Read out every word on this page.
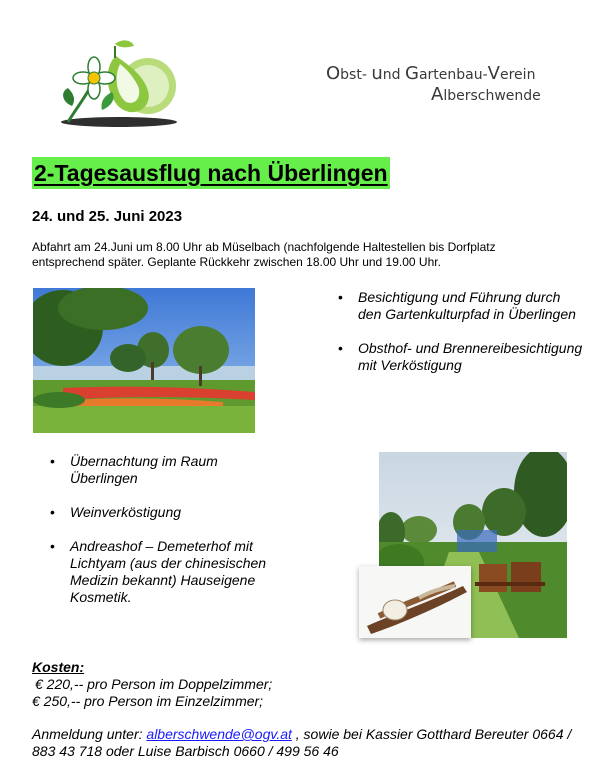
Obst- und Gartenbau-Verein
Alberschwende
2-Tagesausflug nach Überlingen
24. und 25. Juni 2023
Abfahrt am 24.Juni um 8.00 Uhr ab Müselbach (nachfolgende Haltestellen bis Dorfplatz entsprechend später. Geplante Rückkehr zwischen 18.00 Uhr und 19.00 Uhr.
• Besichtigung und Führung durch den Gartenkulturpfad in Überlingen
• Obsthof- und Brennereibesichtigung mit Verköstigung
• Übernachtung im Raum Überlingen
• Weinverköstigung
• Andreashof – Demeterhof mit Lichtyam (aus der chinesischen Medizin bekannt) Hauseigene Kosmetik.
Kosten:
€ 220,-- pro Person im Doppelzimmer;
€ 250,-- pro Person im Einzelzimmer;
Anmeldung unter: alberschwende@ogv.at , sowie bei Kassier Gotthard Bereuter 0664 / 883 43 718 oder Luise Barbisch 0660 / 499 56 46
